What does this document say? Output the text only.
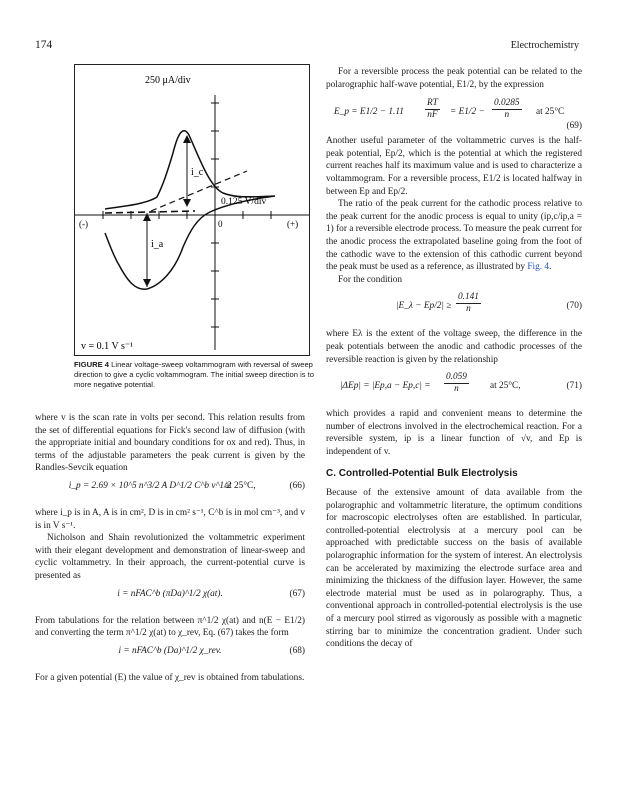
174	Electrochemistry
250 μA/div
0.125 V/div
(-)	(+)
0
i_c
i_a
v = 0.1 V s⁻¹
FIGURE 4 Linear voltage-sweep voltammogram with reversal of sweep direction to give a cyclic voltammogram. The initial sweep direction is to more negative potential.

where v is the scan rate in volts per second. This relation results from the set of differential equations for Fick's second law of diffusion (with the appropriate initial and boundary conditions for ox and red). Thus, in terms of the adjustable parameters the peak current is given by the Randles-Sevcik equation

i_p = 2.69 × 10^5 n^3/2 A D^1/2 C^b v^1/2
at 25°C,	(66)

where i_p is in A, A is in cm², D is in cm² s⁻¹, C^b is in mol cm⁻³, and v is in V s⁻¹.

Nicholson and Shain revolutionized the voltammetric experiment with their elegant development and demonstration of linear-sweep and cyclic voltammetry. In their approach, the current-potential curve is presented as

i = nFAC^b (πDa)^1/2 χ(at).	(67)

From tabulations for the relation between π^1/2 χ(at) and n(E − E1/2) and converting the term π^1/2 χ(at) to χ_rev, Eq. (67) takes the form

i = nFAC^b (Da)^1/2 χ_rev.	(68)

For a given potential (E) the value of χ_rev is obtained from tabulations.

For a reversible process the peak potential can be related to the polarographic half-wave potential, E1/2, by the expression

E_p = $E1/2 - 1.11 \frac{RT}{nF} = E1/2 - \frac{0.0285}{n}$ at 25°C
(69)

Another useful parameter of the voltammetric curves is the half-peak potential, Ep/2, which is the potential at which the registered current reaches half its maximum value and is used to characterize a voltammogram. For a reversible process, E1/2 is located halfway in between Ep and Ep/2.

The ratio of the peak current for the cathodic process relative to the peak current for the anodic process is equal to unity (ip,c/ip,a = 1) for a reversible electrode process. To measure the peak current for the anodic process the extrapolated baseline going from the foot of the cathodic wave to the extension of this cathodic current beyond the peak must be used as a reference, as illustrated by Fig. 4.

For the condition

|E_λ − $Ep/2| \ge \frac{0.141}{n}$	(70)

where Eλ is the extent of the voltage sweep, the difference in the peak potentials between the anodic and cathodic processes of the reversible reaction is given by the relationship

$|\Delta Ep| = |Ep,a - Ep,c| = \frac{0.059}{n}$ at 25°C,	(71)

which provides a rapid and convenient means to determine the number of electrons involved in the electrochemical reaction. For a reversible system, ip is a linear function of √v, and Ep is independent of v.

C. Controlled-Potential Bulk Electrolysis

Because of the extensive amount of data available from the polarographic and voltammetric literature, the optimum conditions for macroscopic electrolyses often are established. In particular, controlled-potential electrolysis at a mercury pool can be approached with predictable success on the basis of available polarographic information for the system of interest. An electrolysis can be accelerated by maximizing the electrode surface area and minimizing the thickness of the diffusion layer. However, the same electrode material must be used as in polarography. Thus, a conventional approach in controlled-potential electrolysis is the use of a mercury pool stirred as vigorously as possible with a magnetic stirring bar to minimize the concentration gradient. Under such conditions the decay of
